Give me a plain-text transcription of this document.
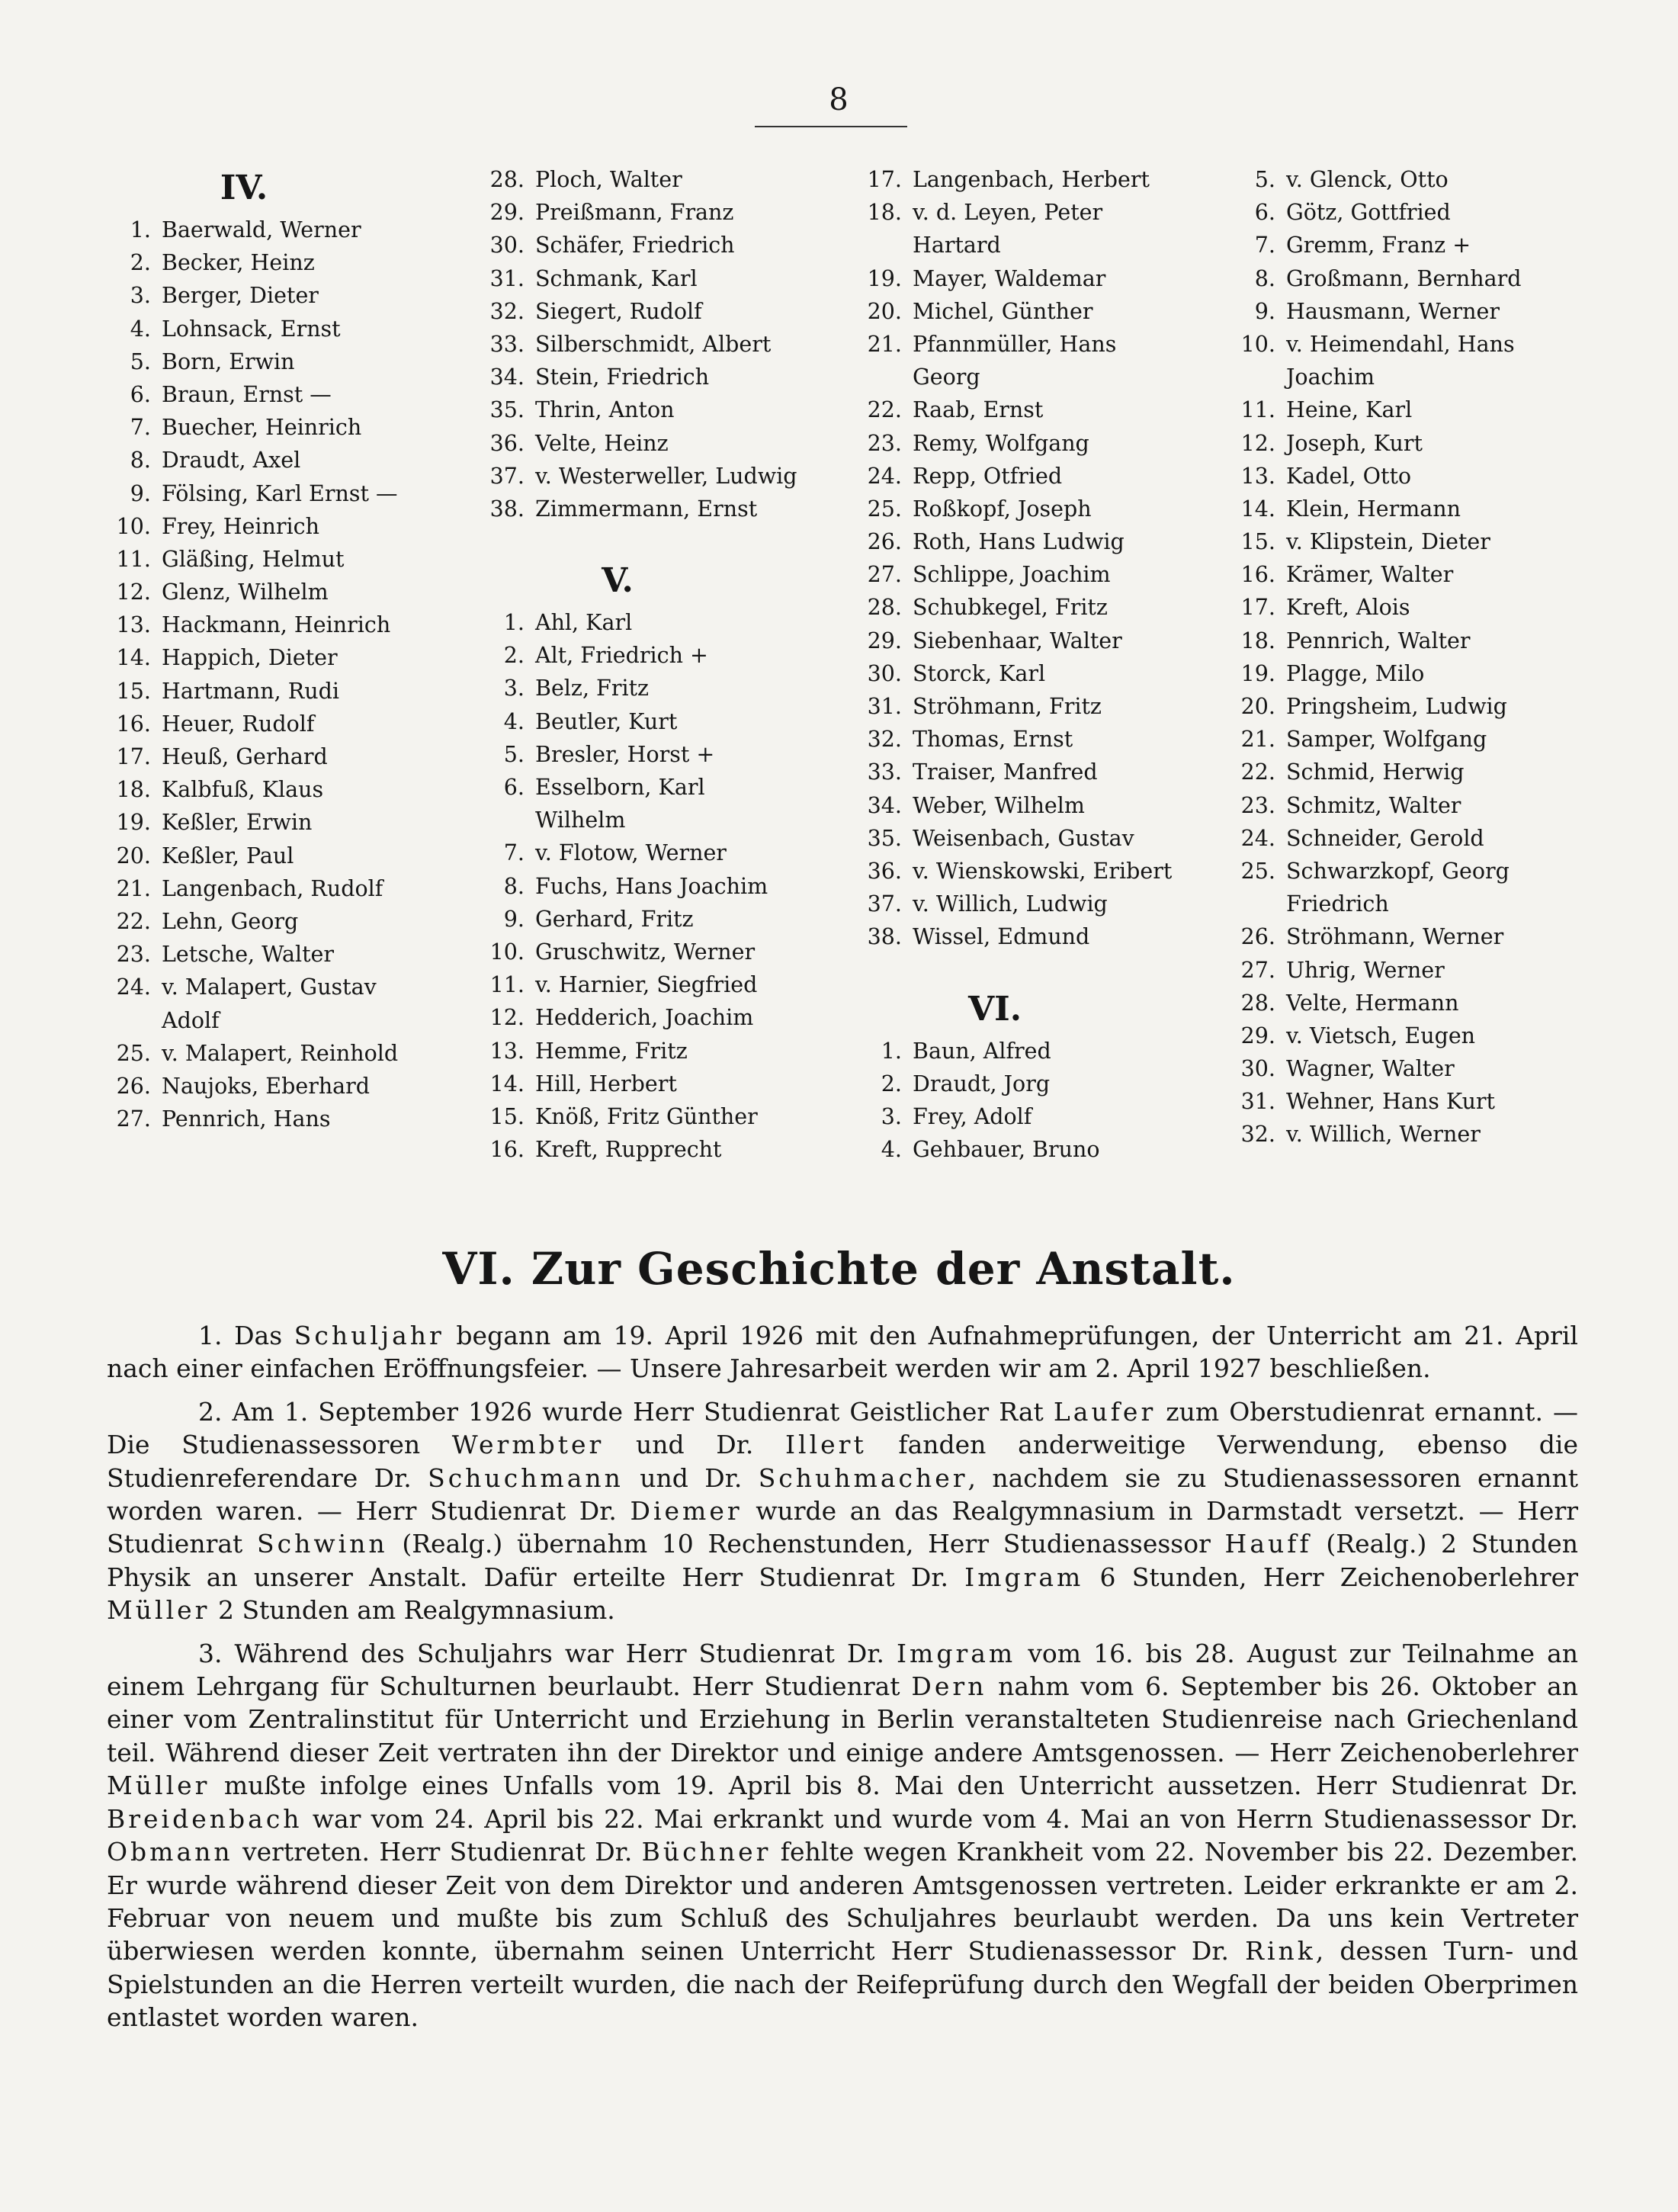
8
IV.
1. Baerwald, Werner
2. Becker, Heinz
3. Berger, Dieter
4. Lohnsack, Ernst
5. Born, Erwin
6. Braun, Ernst —
7. Buecher, Heinrich
8. Draudt, Axel
9. Fölsing, Karl Ernst —
10. Frey, Heinrich
11. Gläßing, Helmut
12. Glenz, Wilhelm
13. Hackmann, Heinrich
14. Happich, Dieter
15. Hartmann, Rudi
16. Heuer, Rudolf
17. Heuß, Gerhard
18. Kalbfuß, Klaus
19. Keßler, Erwin
20. Keßler, Paul
21. Langenbach, Rudolf
22. Lehn, Georg
23. Letsche, Walter
24. v. Malapert, Gustav
Adolf
25. v. Malapert, Reinhold
26. Naujoks, Eberhard
27. Pennrich, Hans
28. Ploch, Walter
29. Preißmann, Franz
30. Schäfer, Friedrich
31. Schmank, Karl
32. Siegert, Rudolf
33. Silberschmidt, Albert
34. Stein, Friedrich
35. Thrin, Anton
36. Velte, Heinz
37. v. Westerweller, Ludwig
38. Zimmermann, Ernst
V.
1. Ahl, Karl
2. Alt, Friedrich +
3. Belz, Fritz
4. Beutler, Kurt
5. Bresler, Horst +
6. Esselborn, Karl
Wilhelm
7. v. Flotow, Werner
8. Fuchs, Hans Joachim
9. Gerhard, Fritz
10. Gruschwitz, Werner
11. v. Harnier, Siegfried
12. Hedderich, Joachim
13. Hemme, Fritz
14. Hill, Herbert
15. Knöß, Fritz Günther
16. Kreft, Rupprecht
17. Langenbach, Herbert
18. v. d. Leyen, Peter
Hartard
19. Mayer, Waldemar
20. Michel, Günther
21. Pfannmüller, Hans
Georg
22. Raab, Ernst
23. Remy, Wolfgang
24. Repp, Otfried
25. Roßkopf, Joseph
26. Roth, Hans Ludwig
27. Schlippe, Joachim
28. Schubkegel, Fritz
29. Siebenhaar, Walter
30. Storck, Karl
31. Ströhmann, Fritz
32. Thomas, Ernst
33. Traiser, Manfred
34. Weber, Wilhelm
35. Weisenbach, Gustav
36. v. Wienskowski, Eribert
37. v. Willich, Ludwig
38. Wissel, Edmund
VI.
1. Baun, Alfred
2. Draudt, Jorg
3. Frey, Adolf
4. Gehbauer, Bruno
5. v. Glenck, Otto
6. Götz, Gottfried
7. Gremm, Franz +
8. Großmann, Bernhard
9. Hausmann, Werner
10. v. Heimendahl, Hans
Joachim
11. Heine, Karl
12. Joseph, Kurt
13. Kadel, Otto
14. Klein, Hermann
15. v. Klipstein, Dieter
16. Krämer, Walter
17. Kreft, Alois
18. Pennrich, Walter
19. Plagge, Milo
20. Pringsheim, Ludwig
21. Samper, Wolfgang
22. Schmid, Herwig
23. Schmitz, Walter
24. Schneider, Gerold
25. Schwarzkopf, Georg
Friedrich
26. Ströhmann, Werner
27. Uhrig, Werner
28. Velte, Hermann
29. v. Vietsch, Eugen
30. Wagner, Walter
31. Wehner, Hans Kurt
32. v. Willich, Werner
VI. Zur Geschichte der Anstalt.

1. Das Schuljahr begann am 19. April 1926 mit den Aufnahmeprüfungen, der Unterricht am 21. April nach einer einfachen Eröffnungsfeier. — Unsere Jahresarbeit werden wir am 2. April 1927 beschließen.

2. Am 1. September 1926 wurde Herr Studienrat Geistlicher Rat Laufer zum Oberstudienrat ernannt. — Die Studienassessoren Wermbter und Dr. Illert fanden anderweitige Verwendung, ebenso die Studienreferendare Dr. Schuchmann und Dr. Schuhmacher, nachdem sie zu Studienassessoren ernannt worden waren. — Herr Studienrat Dr. Diemer wurde an das Realgymnasium in Darmstadt versetzt. — Herr Studienrat Schwinn (Realg.) übernahm 10 Rechenstunden, Herr Studienassessor Hauff (Realg.) 2 Stunden Physik an unserer Anstalt. Dafür erteilte Herr Studienrat Dr. Imgram 6 Stunden, Herr Zeichenoberlehrer Müller 2 Stunden am Realgymnasium.

3. Während des Schuljahrs war Herr Studienrat Dr. Imgram vom 16. bis 28. August zur Teilnahme an einem Lehrgang für Schulturnen beurlaubt. Herr Studienrat Dern nahm vom 6. September bis 26. Oktober an einer vom Zentralinstitut für Unterricht und Erziehung in Berlin veranstalteten Studienreise nach Griechenland teil. Während dieser Zeit vertraten ihn der Direktor und einige andere Amtsgenossen. — Herr Zeichenoberlehrer Müller mußte infolge eines Unfalls vom 19. April bis 8. Mai den Unterricht aussetzen. Herr Studienrat Dr. Breidenbach war vom 24. April bis 22. Mai erkrankt und wurde vom 4. Mai an von Herrn Studienassessor Dr. Obmann vertreten. Herr Studienrat Dr. Büchner fehlte wegen Krankheit vom 22. November bis 22. Dezember. Er wurde während dieser Zeit von dem Direktor und anderen Amtsgenossen vertreten. Leider erkrankte er am 2. Februar von neuem und mußte bis zum Schluß des Schuljahres beurlaubt werden. Da uns kein Vertreter überwiesen werden konnte, übernahm seinen Unterricht Herr Studienassessor Dr. Rink, dessen Turn- und Spielstunden an die Herren verteilt wurden, die nach der Reifeprüfung durch den Wegfall der beiden Oberprimen entlastet worden waren.
